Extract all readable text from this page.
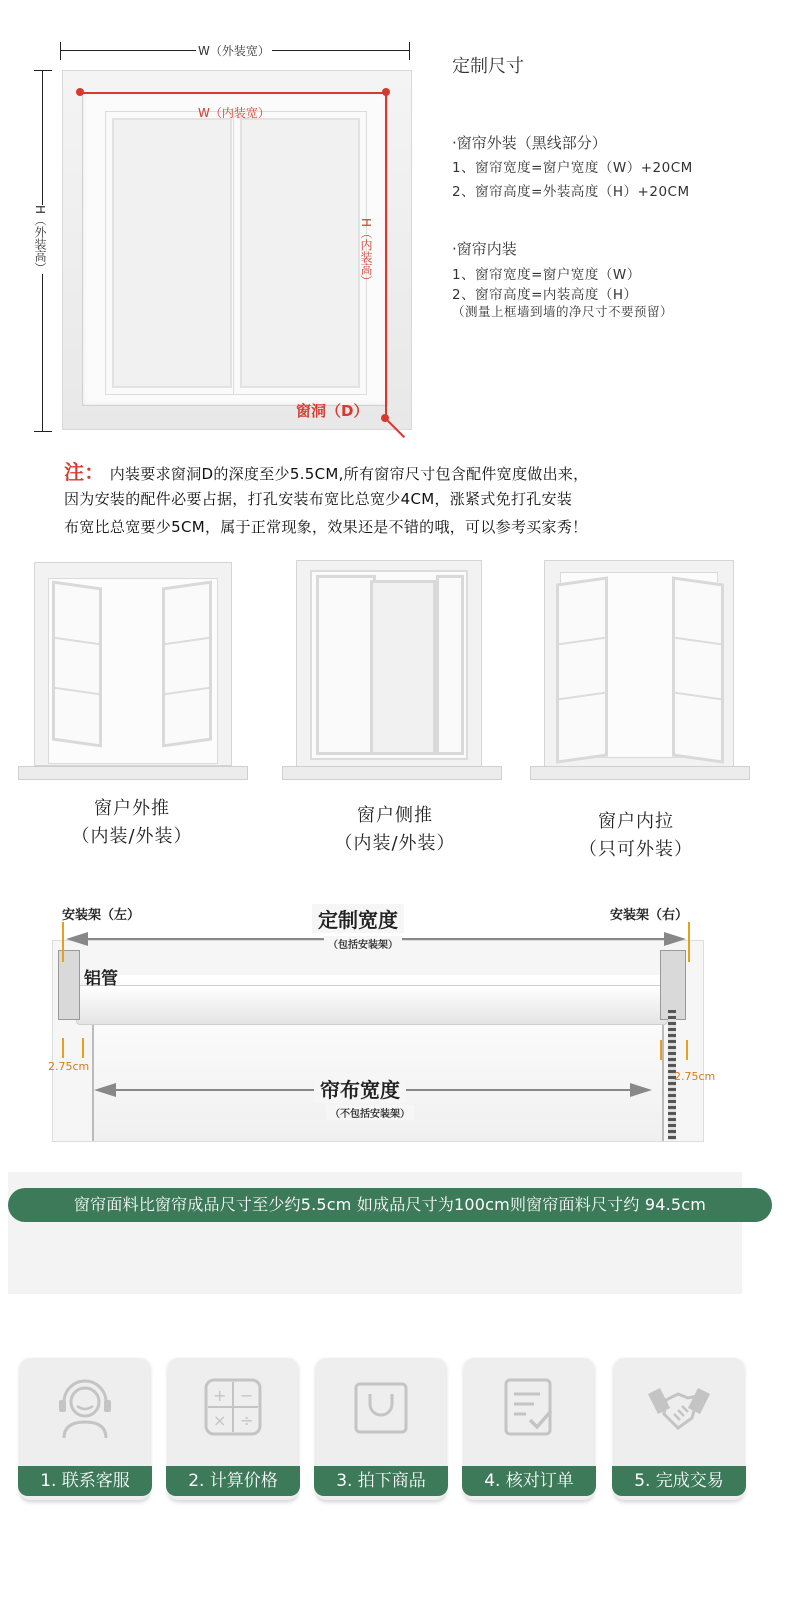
W（外装宽）
H（外装高）
W（内装宽）
H（内装高）
窗洞（D）
定制尺寸
·窗帘外装（黑线部分）
1、窗帘宽度=窗户宽度（W）+20CM
2、窗帘高度=外装高度（H）+20CM
·窗帘内装
1、窗帘宽度=窗户宽度（W）
2、窗帘高度=内装高度（H）
（测量上框墙到墙的净尺寸不要预留）
注： 内装要求窗洞D的深度至少5.5CM,所有窗帘尺寸包含配件宽度做出来，
因为安装的配件必要占据，打孔安装布宽比总宽少4CM，涨紧式免打孔安装
布宽比总宽要少5CM，属于正常现象，效果还是不错的哦，可以参考买家秀！
窗户外推
（内装/外装）
窗户侧推
（内装/外装）
窗户内拉
（只可外装）
安装架（左）	安装架（右）
定制宽度
（包括安装架）
铝管
帘布宽度
（不包括安装架）
2.75cm
2.75cm
窗帘面料比窗帘成品尺寸至少约5.5cm 如成品尺寸为100cm则窗帘面料尺寸约 94.5cm
1. 联系客服
+ −
× ÷
2. 计算价格	3. 拍下商品	4. 核对订单	5. 完成交易
